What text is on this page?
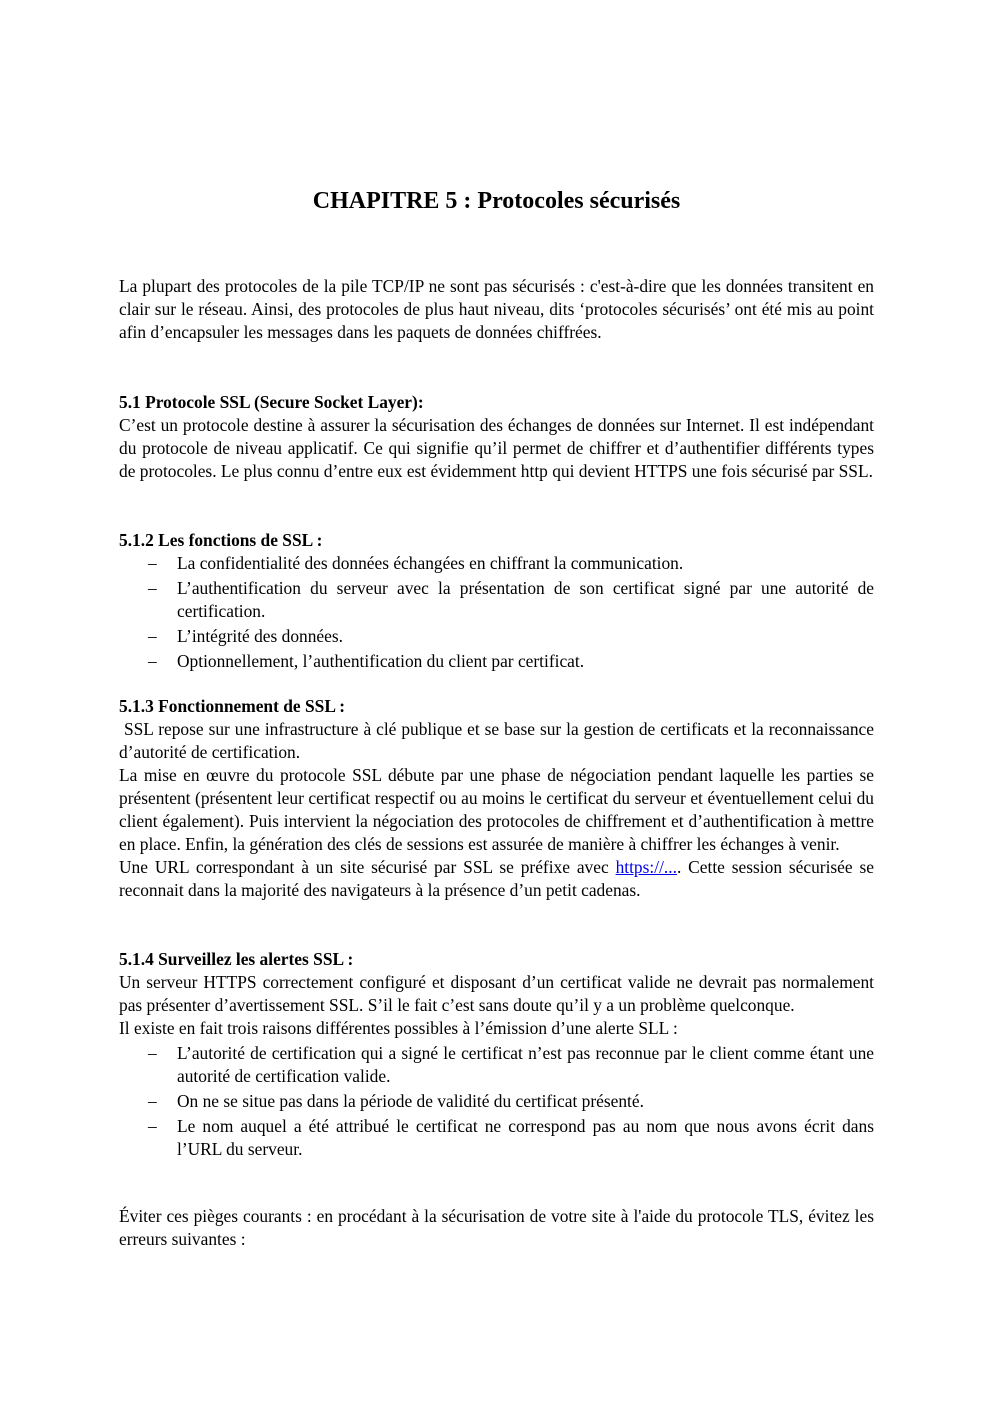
CHAPITRE 5 : Protocoles sécurisés

La plupart des protocoles de la pile TCP/IP ne sont pas sécurisés : c'est-à-dire que les données transitent en clair sur le réseau. Ainsi, des protocoles de plus haut niveau, dits ‘protocoles sécurisés’ ont été mis au point afin d’encapsuler les messages dans les paquets de données chiffrées.

5.1 Protocole SSL (Secure Socket Layer):

C’est un protocole destine à assurer la sécurisation des échanges de données sur Internet. Il est indépendant du protocole de niveau applicatif. Ce qui signifie qu’il permet de chiffrer et d’authentifier différents types de protocoles. Le plus connu d’entre eux est évidemment http qui devient HTTPS une fois sécurisé par SSL.

5.1.2 Les fonctions de SSL :

– La confidentialité des données échangées en chiffrant la communication.
– L’authentification du serveur avec la présentation de son certificat signé par une autorité de certification.
– L’intégrité des données.
– Optionnellement, l’authentification du client par certificat.

5.1.3 Fonctionnement de SSL :

SSL repose sur une infrastructure à clé publique et se base sur la gestion de certificats et la reconnaissance d’autorité de certification.

La mise en œuvre du protocole SSL débute par une phase de négociation pendant laquelle les parties se présentent (présentent leur certificat respectif ou au moins le certificat du serveur et éventuellement celui du client également). Puis intervient la négociation des protocoles de chiffrement et d’authentification à mettre en place. Enfin, la génération des clés de sessions est assurée de manière à chiffrer les échanges à venir.

Une URL correspondant à un site sécurisé par SSL se préfixe avec https://.... Cette session sécurisée se reconnait dans la majorité des navigateurs à la présence d’un petit cadenas.

5.1.4 Surveillez les alertes SSL :

Un serveur HTTPS correctement configuré et disposant d’un certificat valide ne devrait pas normalement pas présenter d’avertissement SSL. S’il le fait c’est sans doute qu’il y a un problème quelconque.

Il existe en fait trois raisons différentes possibles à l’émission d’une alerte SLL :

– L’autorité de certification qui a signé le certificat n’est pas reconnue par le client comme étant une autorité de certification valide.
– On ne se situe pas dans la période de validité du certificat présenté.
– Le nom auquel a été attribué le certificat ne correspond pas au nom que nous avons écrit dans l’URL du serveur.

Éviter ces pièges courants : en procédant à la sécurisation de votre site à l'aide du protocole TLS, évitez les erreurs suivantes :
